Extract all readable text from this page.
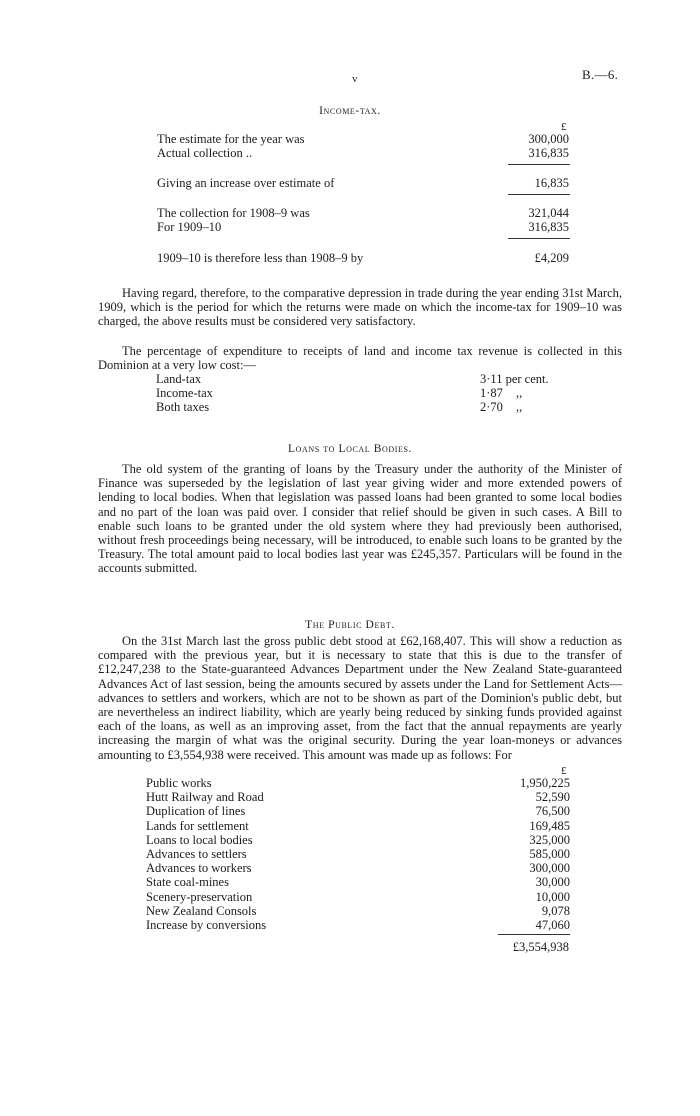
v	B.—6.
Income-tax.
£
The estimate for the year was	300,000
Actual collection ..	316,835
Giving an increase over estimate of	16,835
The collection for 1908–9 was	321,044
For 1909–10	316,835
1909–10 is therefore less than 1908–9 by	£4,209

Having regard, therefore, to the comparative depression in trade during the year ending 31st March, 1909, which is the period for which the returns were made on which the income-tax for 1909–10 was charged, the above results must be considered very satisfactory.

The percentage of expenditure to receipts of land and income tax revenue is collected in this Dominion at a very low cost:—

Land-tax	3·11 per cent.
Income-tax	1·87 ,,
Both taxes	2·70 ,,
Loans to Local Bodies.

The old system of the granting of loans by the Treasury under the authority of the Minister of Finance was superseded by the legislation of last year giving wider and more extended powers of lending to local bodies. When that legislation was passed loans had been granted to some local bodies and no part of the loan was paid over. I consider that relief should be given in such cases. A Bill to enable such loans to be granted under the old system where they had previously been authorised, without fresh proceedings being necessary, will be introduced, to enable such loans to be granted by the Treasury. The total amount paid to local bodies last year was £245,357. Particulars will be found in the accounts submitted.

The Public Debt.

On the 31st March last the gross public debt stood at £62,168,407. This will show a reduction as compared with the previous year, but it is necessary to state that this is due to the transfer of £12,247,238 to the State-guaranteed Advances Department under the New Zealand State-guaranteed Advances Act of last session, being the amounts secured by assets under the Land for Settlement Acts—advances to settlers and workers, which are not to be shown as part of the Dominion's public debt, but are nevertheless an indirect liability, which are yearly being reduced by sinking funds provided against each of the loans, as well as an improving asset, from the fact that the annual repayments are yearly increasing the margin of what was the original security. During the year loan-moneys or advances amounting to £3,554,938 were received. This amount was made up as follows: For

£
Public works	1,950,225
Hutt Railway and Road	52,590
Duplication of lines	76,500
Lands for settlement	169,485
Loans to local bodies	325,000
Advances to settlers	585,000
Advances to workers	300,000
State coal-mines	30,000
Scenery-preservation	10,000
New Zealand Consols	9,078
Increase by conversions	47,060
£3,554,938
